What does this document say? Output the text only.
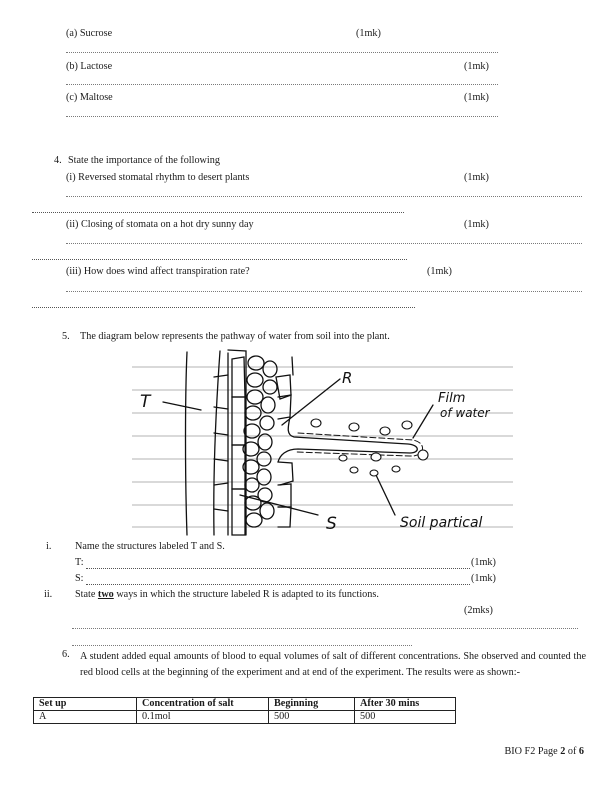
(a) Sucrose	(1mk)
(b) Lactose	(1mk)
(c) Maltose	(1mk)
4. State the importance of the following
(i) Reversed stomatal rhythm to desert plants	(1mk)
(ii) Closing of stomata on a hot dry sunny day	(1mk)
(iii) How does wind affect transpiration rate?	(1mk)
5. The diagram below represents the pathway of water from soil into the plant.
T
S
R
Film
of water
Soil partical
i. Name the structures labeled T and S.
T:	(1mk)
S:	(1mk)
ii. State two ways in which the structure labeled R is adapted to its functions.
(2mks)
6. A student added equal amounts of blood to equal volumes of salt of different concentrations. She observed and counted the red blood cells at the beginning of the experiment and at end of the experiment. The results were as shown:-
Set up	Concentration of salt	Beginning	After 30 mins
A	0.1mol	500	500
BIO F2 Page 2 of 6
